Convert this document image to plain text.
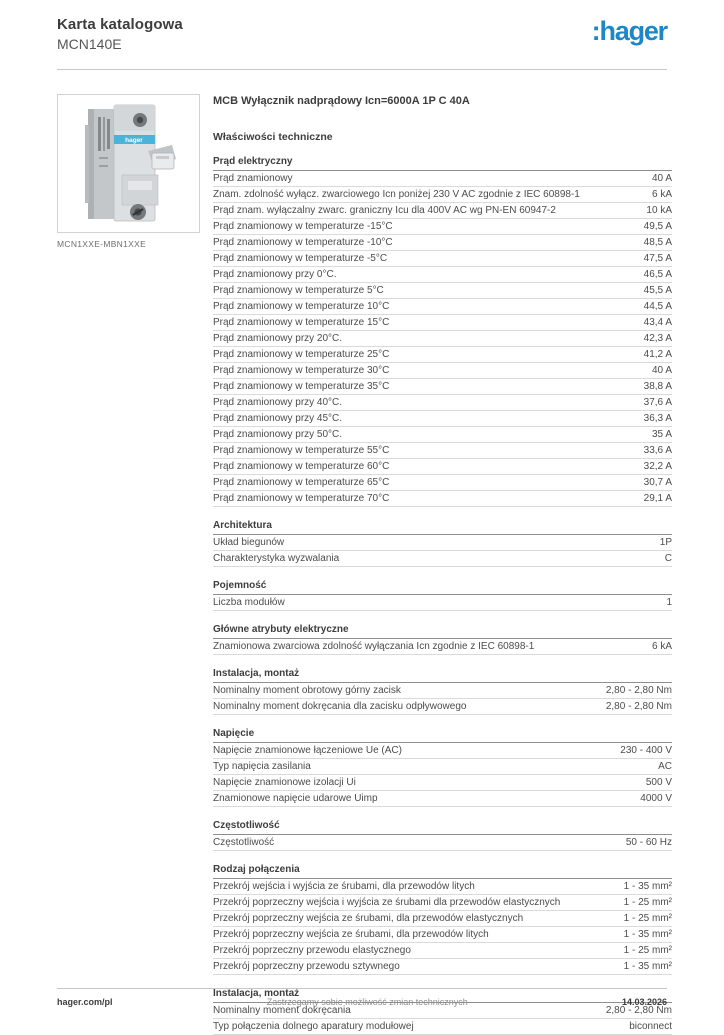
Karta katalogowa
MCN140E	:hager
hager
MCN1XXE-MBN1XXE
MCB Wyłącznik nadprądowy Icn=6000A 1P C 40A
Właściwości techniczne
Prąd elektryczny
Prąd znamionowy	40 A
Znam. zdolność wyłącz. zwarciowego Icn poniżej 230 V AC zgodnie z IEC 60898-1	6 kA
Prąd znam. wyłączalny zwarc. graniczny Icu dla 400V AC wg PN-EN 60947-2	10 kA
Prąd znamionowy w temperaturze -15°C	49,5 A
Prąd znamionowy w temperaturze -10°C	48,5 A
Prąd znamionowy w temperaturze -5°C	47,5 A
Prąd znamionowy przy 0°C.	46,5 A
Prąd znamionowy w temperaturze 5°C	45,5 A
Prąd znamionowy w temperaturze 10°C	44,5 A
Prąd znamionowy w temperaturze 15°C	43,4 A
Prąd znamionowy przy 20°C.	42,3 A
Prąd znamionowy w temperaturze 25°C	41,2 A
Prąd znamionowy w temperaturze 30°C	40 A
Prąd znamionowy w temperaturze 35°C	38,8 A
Prąd znamionowy przy 40°C.	37,6 A
Prąd znamionowy przy 45°C.	36,3 A
Prąd znamionowy przy 50°C.	35 A
Prąd znamionowy w temperaturze 55°C	33,6 A
Prąd znamionowy w temperaturze 60°C	32,2 A
Prąd znamionowy w temperaturze 65°C	30,7 A
Prąd znamionowy w temperaturze 70°C	29,1 A
Architektura
Układ biegunów	1P
Charakterystyka wyzwalania	C
Pojemność
Liczba modułów	1
Główne atrybuty elektryczne
Znamionowa zwarciowa zdolność wyłączania Icn zgodnie z IEC 60898-1	6 kA
Instalacja, montaż
Nominalny moment obrotowy górny zacisk	2,80 - 2,80 Nm
Nominalny moment dokręcania dla zacisku odpływowego	2,80 - 2,80 Nm
Napięcie
Napięcie znamionowe łączeniowe Ue (AC)	230 - 400 V
Typ napięcia zasilania	AC
Napięcie znamionowe izolacji Ui	500 V
Znamionowe napięcie udarowe Uimp	4000 V
Częstotliwość
Częstotliwość	50 - 60 Hz
Rodzaj połączenia
Przekrój wejścia i wyjścia ze śrubami, dla przewodów litych	1 - 35 mm²
Przekrój poprzeczny wejścia i wyjścia ze śrubami dla przewodów elastycznych	1 - 25 mm²
Przekrój poprzeczny wejścia ze śrubami, dla przewodów elastycznych	1 - 25 mm²
Przekrój poprzeczny wejścia ze śrubami, dla przewodów litych	1 - 35 mm²
Przekrój poprzeczny przewodu elastycznego	1 - 25 mm²
Przekrój poprzeczny przewodu sztywnego	1 - 35 mm²
Instalacja, montaż
Nominalny moment dokręcania	2,80 - 2,80 Nm
Typ połączenia dolnego aparatury modułowej	biconnect
hager.com/pl	Zastrzegamy sobie możliwość zmian technicznych	14.03.2026
